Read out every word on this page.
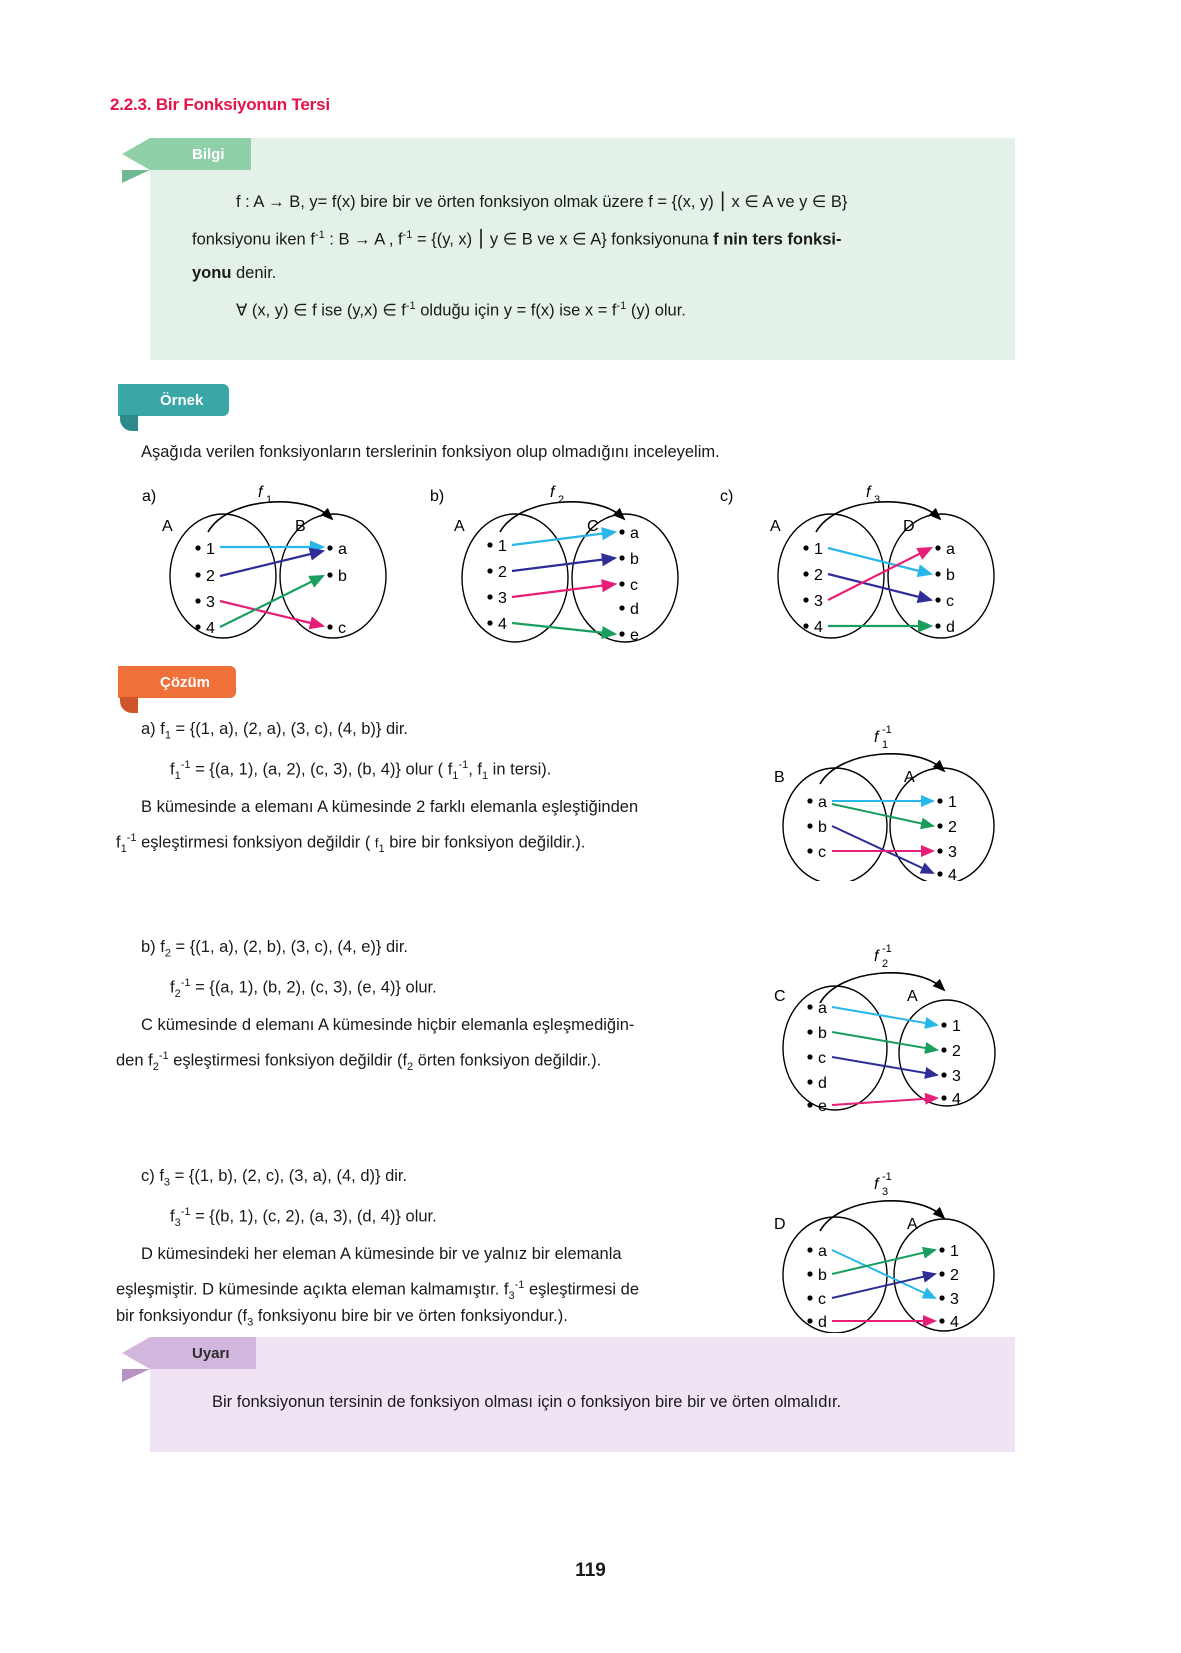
2.2.3. Bir Fonksiyonun Tersi
f : A → B, y= f(x) bire bir ve örten fonksiyon olmak üzere f = {(x, y) ⎮ x ∈ A ve y ∈ B}
fonksiyonu iken $f^{-1}$ : B → A , $f^{-1} = \{(y$, x) ⎮ y ∈ B ve x ∈ A} fonksiyonuna f nin ters fonksi-
yonu denir.
∀ (x, y) ∈ f ise (y,x) ∈ $f^{-1}$ olduğu için y = f(x) ise $x = f^{-1}$ (y) olur.
Bilgi
Örnek
Aşağıda verilen fonksiyonların terslerinin fonksiyon olup olmadığını inceleyelim.
a)	f 1
A	B
1
2
3
4
a
b
c
b)	f 2
A	C
1
2
3
4
a
b
c
d
e
c)	f 3
A	D
1
2
3
4
a
b
c
d
Çözüm
a) $f_1 = \{(1$, a), (2, a), (3, c), (4, b)} dir.
$f_1^{-1} = \{(a$, 1), (a, 2), (c, 3), (b, 4)} olur ( $f_1^{-1}$, $f_1$ in tersi).
B kümesinde a elemanı A kümesinde 2 farklı elemanla eşleştiğinden
$f_1^{-1}$ eşleştirmesi fonksiyon değildir ( $f_1$ bire bir fonksiyon değildir.).
f 1
-1
B	A
a
b
c
1
2
3
4
b) $f_2 = \{(1$, a), (2, b), (3, c), (4, e)} dir.
$f_2^{-1} = \{(a$, 1), (b, 2), (c, 3), (e, 4)} olur.
C kümesinde d elemanı A kümesinde hiçbir elemanla eşleşmediğin-
den $f_2^{-1}$ eşleştirmesi fonksiyon değildir ($f_2$ örten fonksiyon değildir.).
f 2
-1
C	A
a
b
c
d
e
1
2
3
4
c) $f_3 = \{(1$, b), (2, c), (3, a), (4, d)} dir.
$f_3^{-1} = \{(b$, 1), (c, 2), (a, 3), (d, 4)} olur.
D kümesindeki her eleman A kümesinde bir ve yalnız bir elemanla
eşleşmiştir. D kümesinde açıkta eleman kalmamıştır. $f_3^{-1}$ eşleştirmesi de
bir fonksiyondur ($f_3$ fonksiyonu bire bir ve örten fonksiyondur.).
f 3
-1
D	A
a
b
c
d
1
2
3
4
Bir fonksiyonun tersinin de fonksiyon olması için o fonksiyon bire bir ve örten olmalıdır.
Uyarı
119
